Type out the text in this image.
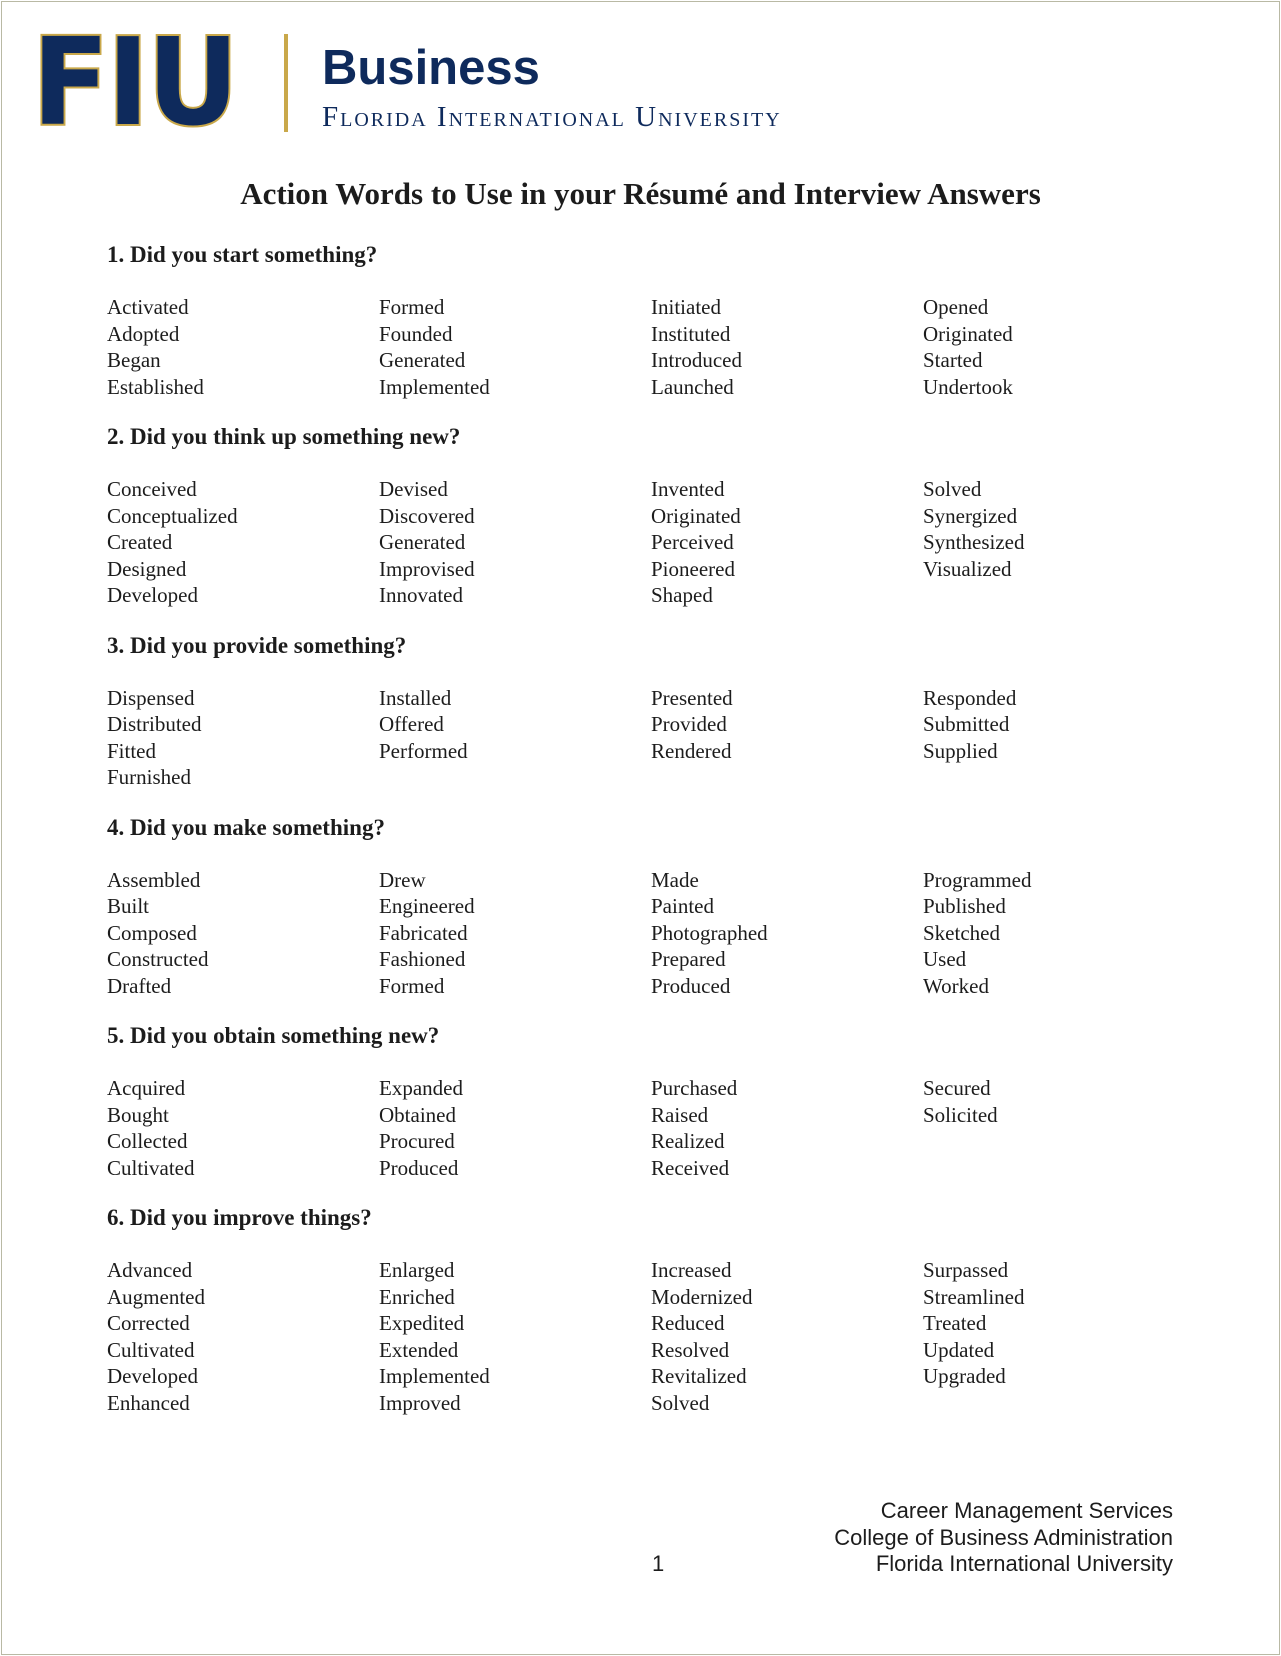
FIU Business
Florida International University
Action Words to Use in your Résumé and Interview Answers
1. Did you start something?
Activated
Adopted
Began
Established
Formed
Founded
Generated
Implemented
Initiated
Instituted
Introduced
Launched
Opened
Originated
Started
Undertook
2. Did you think up something new?
Conceived
Conceptualized
Created
Designed
Developed
Devised
Discovered
Generated
Improvised
Innovated
Invented
Originated
Perceived
Pioneered
Shaped
Solved
Synergized
Synthesized
Visualized
3. Did you provide something?
Dispensed
Distributed
Fitted
Furnished
Installed
Offered
Performed
Presented
Provided
Rendered
Responded
Submitted
Supplied
4. Did you make something?
Assembled
Built
Composed
Constructed
Drafted
Drew
Engineered
Fabricated
Fashioned
Formed
Made
Painted
Photographed
Prepared
Produced
Programmed
Published
Sketched
Used
Worked
5. Did you obtain something new?
Acquired
Bought
Collected
Cultivated
Expanded
Obtained
Procured
Produced
Purchased
Raised
Realized
Received
Secured
Solicited
6. Did you improve things?
Advanced
Augmented
Corrected
Cultivated
Developed
Enhanced
Enlarged
Enriched
Expedited
Extended
Implemented
Improved
Increased
Modernized
Reduced
Resolved
Revitalized
Solved
Surpassed
Streamlined
Treated
Updated
Upgraded
Career Management Services
College of Business Administration
Florida International University
1
